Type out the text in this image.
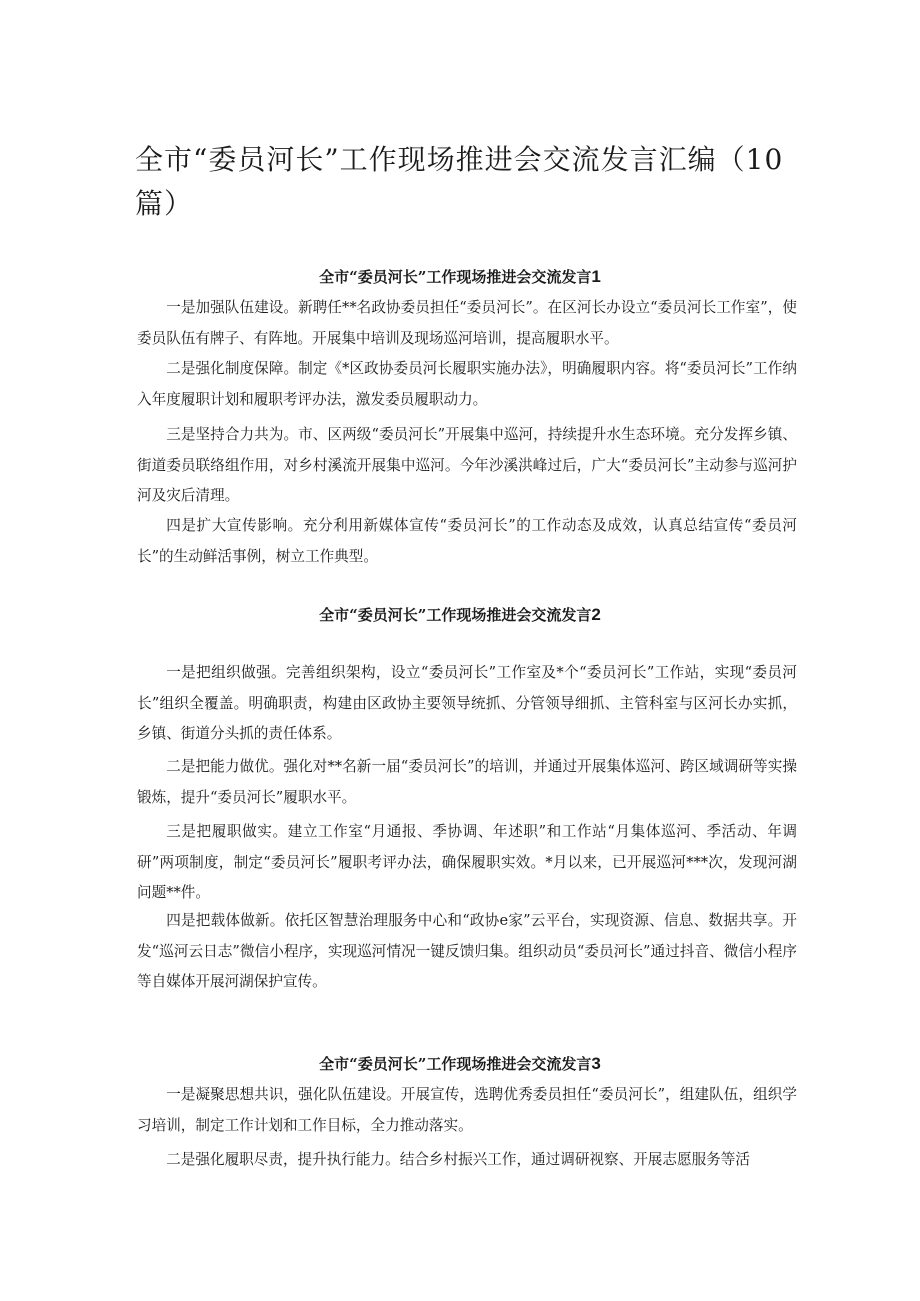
全市“委员河长”工作现场推进会交流发言汇编（10篇）
全市“委员河长”工作现场推进会交流发言1

一是加强队伍建设。新聘任**名政协委员担任“委员河长”。在区河长办设立“委员河长工作室”，使委员队伍有牌子、有阵地。开展集中培训及现场巡河培训，提高履职水平。

二是强化制度保障。制定《*区政协委员河长履职实施办法》，明确履职内容。将“委员河长”工作纳入年度履职计划和履职考评办法，激发委员履职动力。

三是坚持合力共为。市、区两级“委员河长”开展集中巡河，持续提升水生态环境。充分发挥乡镇、街道委员联络组作用，对乡村溪流开展集中巡河。今年沙溪洪峰过后，广大“委员河长”主动参与巡河护河及灾后清理。

四是扩大宣传影响。充分利用新媒体宣传“委员河长”的工作动态及成效，认真总结宣传“委员河长”的生动鲜活事例，树立工作典型。

全市“委员河长”工作现场推进会交流发言2

一是把组织做强。完善组织架构，设立“委员河长”工作室及*个“委员河长”工作站，实现“委员河长”组织全覆盖。明确职责，构建由区政协主要领导统抓、分管领导细抓、主管科室与区河长办实抓，乡镇、街道分头抓的责任体系。

二是把能力做优。强化对**名新一届“委员河长”的培训，并通过开展集体巡河、跨区域调研等实操锻炼，提升“委员河长”履职水平。

三是把履职做实。建立工作室“月通报、季协调、年述职”和工作站“月集体巡河、季活动、年调研”两项制度，制定“委员河长”履职考评办法，确保履职实效。*月以来，已开展巡河***次，发现河湖问题**件。

四是把载体做新。依托区智慧治理服务中心和“政协e家”云平台，实现资源、信息、数据共享。开发“巡河云日志”微信小程序，实现巡河情况一键反馈归集。组织动员“委员河长”通过抖音、微信小程序等自媒体开展河湖保护宣传。

全市“委员河长”工作现场推进会交流发言3

一是凝聚思想共识，强化队伍建设。开展宣传，选聘优秀委员担任“委员河长”，组建队伍，组织学习培训，制定工作计划和工作目标，全力推动落实。

二是强化履职尽责，提升执行能力。结合乡村振兴工作，通过调研视察、开展志愿服务等活
